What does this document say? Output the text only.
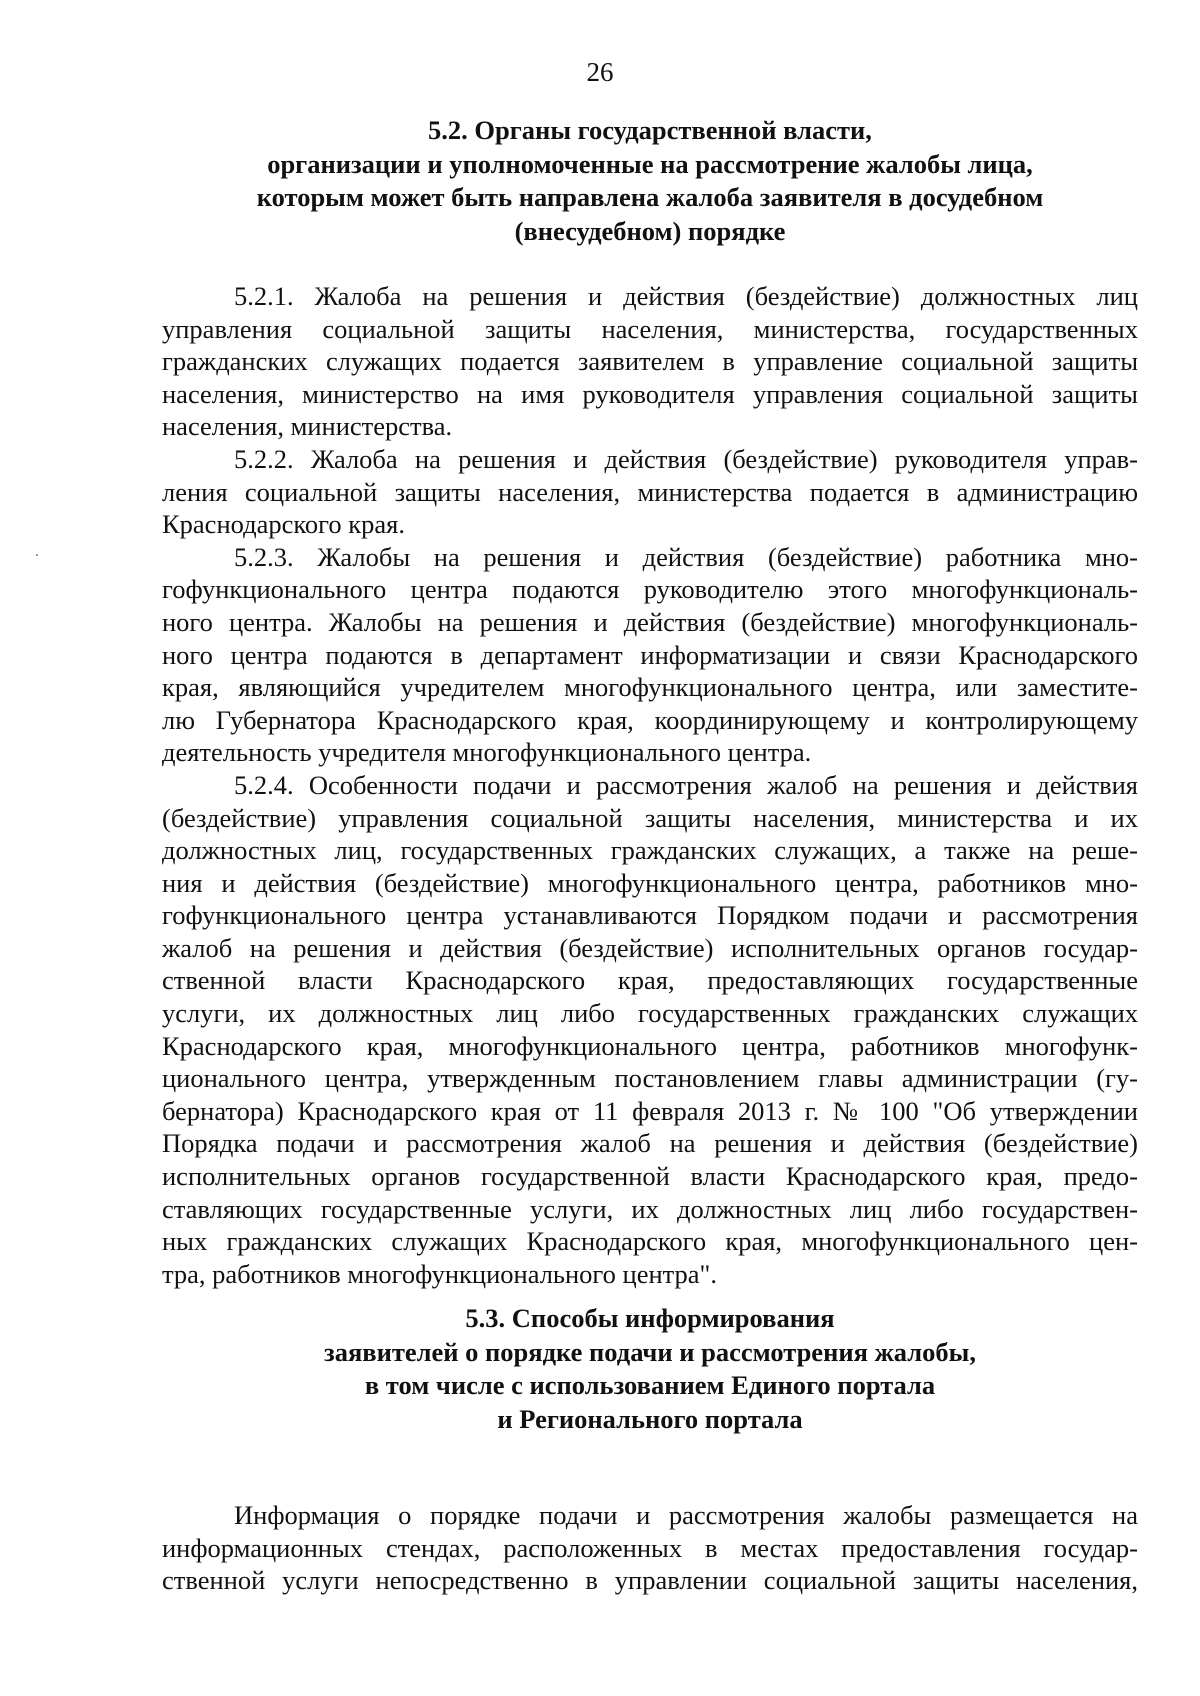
26
5.2. Органы государственной власти,
организации и уполномоченные на рассмотрение жалобы лица,
которым может быть направлена жалоба заявителя в досудебном
(внесудебном) порядке
5.2.1. Жалоба на решения и действия (бездействие) должностных лиц
управления социальной защиты населения, министерства, государственных
гражданских служащих подается заявителем в управление социальной защиты
населения, министерство на имя руководителя управления социальной защиты
населения, министерства.
5.2.2. Жалоба на решения и действия (бездействие) руководителя управ-
ления социальной защиты населения, министерства подается в администрацию
Краснодарского края.
5.2.3. Жалобы на решения и действия (бездействие) работника мно-
гофункционального центра подаются руководителю этого многофункциональ-
ного центра. Жалобы на решения и действия (бездействие) многофункциональ-
ного центра подаются в департамент информатизации и связи Краснодарского
края, являющийся учредителем многофункционального центра, или заместите-
лю Губернатора Краснодарского края, координирующему и контролирующему
деятельность учредителя многофункционального центра.
5.2.4. Особенности подачи и рассмотрения жалоб на решения и действия
(бездействие) управления социальной защиты населения, министерства и их
должностных лиц, государственных гражданских служащих, а также на реше-
ния и действия (бездействие) многофункционального центра, работников мно-
гофункционального центра устанавливаются Порядком подачи и рассмотрения
жалоб на решения и действия (бездействие) исполнительных органов государ-
ственной власти Краснодарского края, предоставляющих государственные
услуги, их должностных лиц либо государственных гражданских служащих
Краснодарского края, многофункционального центра, работников многофунк-
ционального центра, утвержденным постановлением главы администрации (гу-
бернатора) Краснодарского края от 11 февраля 2013 г. № 100 "Об утверждении
Порядка подачи и рассмотрения жалоб на решения и действия (бездействие)
исполнительных органов государственной власти Краснодарского края, предо-
ставляющих государственные услуги, их должностных лиц либо государствен-
ных гражданских служащих Краснодарского края, многофункционального цен-
тра, работников многофункционального центра".
5.3. Способы информирования
заявителей о порядке подачи и рассмотрения жалобы,
в том числе с использованием Единого портала
и Регионального портала
Информация о порядке подачи и рассмотрения жалобы размещается на
информационных стендах, расположенных в местах предоставления государ-
ственной услуги непосредственно в управлении социальной защиты населения,
